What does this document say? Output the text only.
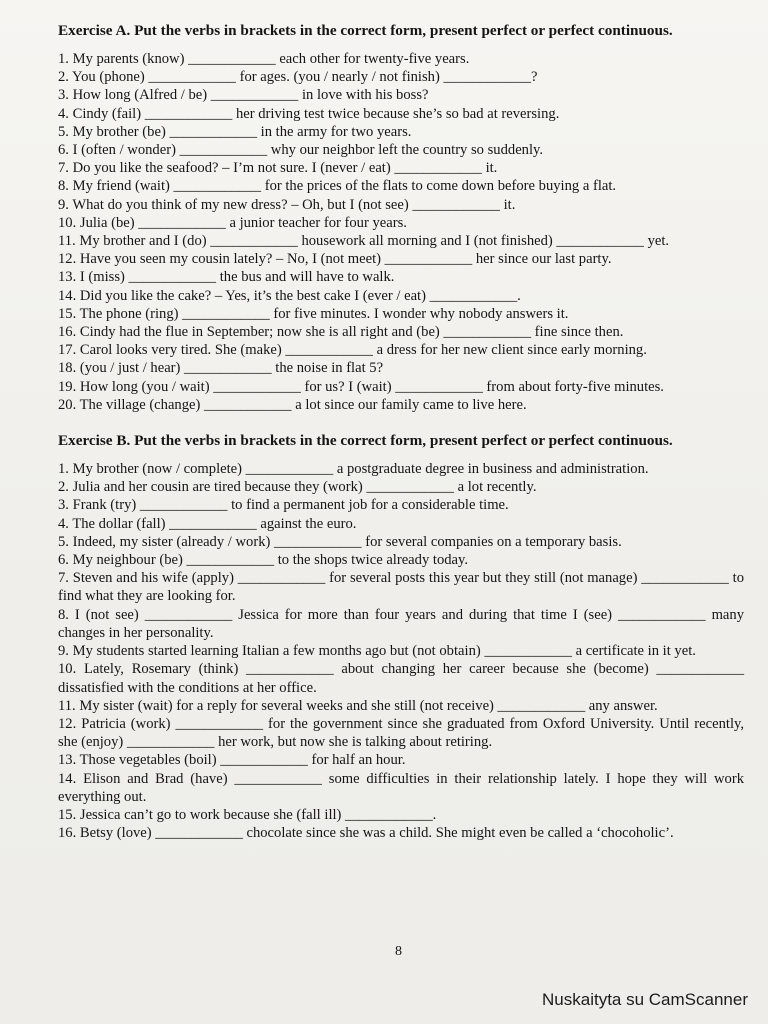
Exercise A. Put the verbs in brackets in the correct form, present perfect or perfect continuous.
1. My parents (know) ____________ each other for twenty-five years.
2. You (phone) ____________ for ages. (you / nearly / not finish) ____________?
3. How long (Alfred / be) ____________ in love with his boss?
4. Cindy (fail) ____________ her driving test twice because she’s so bad at reversing.
5. My brother (be) ____________ in the army for two years.
6. I (often / wonder) ____________ why our neighbor left the country so suddenly.
7. Do you like the seafood? – I’m not sure. I (never / eat) ____________ it.
8. My friend (wait) ____________ for the prices of the flats to come down before buying a flat.
9. What do you think of my new dress? – Oh, but I (not see) ____________ it.
10. Julia (be) ____________ a junior teacher for four years.
11. My brother and I (do) ____________ housework all morning and I (not finished) ____________ yet.
12. Have you seen my cousin lately? – No, I (not meet) ____________ her since our last party.
13. I (miss) ____________ the bus and will have to walk.
14. Did you like the cake? – Yes, it’s the best cake I (ever / eat) ____________.
15. The phone (ring) ____________ for five minutes. I wonder why nobody answers it.
16. Cindy had the flue in September; now she is all right and (be) ____________ fine since then.
17. Carol looks very tired. She (make) ____________ a dress for her new client since early morning.
18. (you / just / hear) ____________ the noise in flat 5?
19. How long (you / wait) ____________ for us? I (wait) ____________ from about forty-five minutes.
20. The village (change) ____________ a lot since our family came to live here.
Exercise B. Put the verbs in brackets in the correct form, present perfect or perfect continuous.
1. My brother (now / complete) ____________ a postgraduate degree in business and administration.
2. Julia and her cousin are tired because they (work) ____________ a lot recently.
3. Frank (try) ____________ to find a permanent job for a considerable time.
4. The dollar (fall) ____________ against the euro.
5. Indeed, my sister (already / work) ____________ for several companies on a temporary basis.
6. My neighbour (be) ____________ to the shops twice already today.
7. Steven and his wife (apply) ____________ for several posts this year but they still (not manage) ____________ to find what they are looking for.
8. I (not see) ____________ Jessica for more than four years and during that time I (see) ____________ many changes in her personality.
9. My students started learning Italian a few months ago but (not obtain) ____________ a certificate in it yet.
10. Lately, Rosemary (think) ____________ about changing her career because she (become) ____________ dissatisfied with the conditions at her office.
11. My sister (wait) for a reply for several weeks and she still (not receive) ____________ any answer.
12. Patricia (work) ____________ for the government since she graduated from Oxford University. Until recently, she (enjoy) ____________ her work, but now she is talking about retiring.
13. Those vegetables (boil) ____________ for half an hour.
14. Elison and Brad (have) ____________ some difficulties in their relationship lately. I hope they will work everything out.
15. Jessica can’t go to work because she (fall ill) ____________.
16. Betsy (love) ____________ chocolate since she was a child. She might even be called a ‘chocoholic’.
8
Nuskaityta su CamScanner
